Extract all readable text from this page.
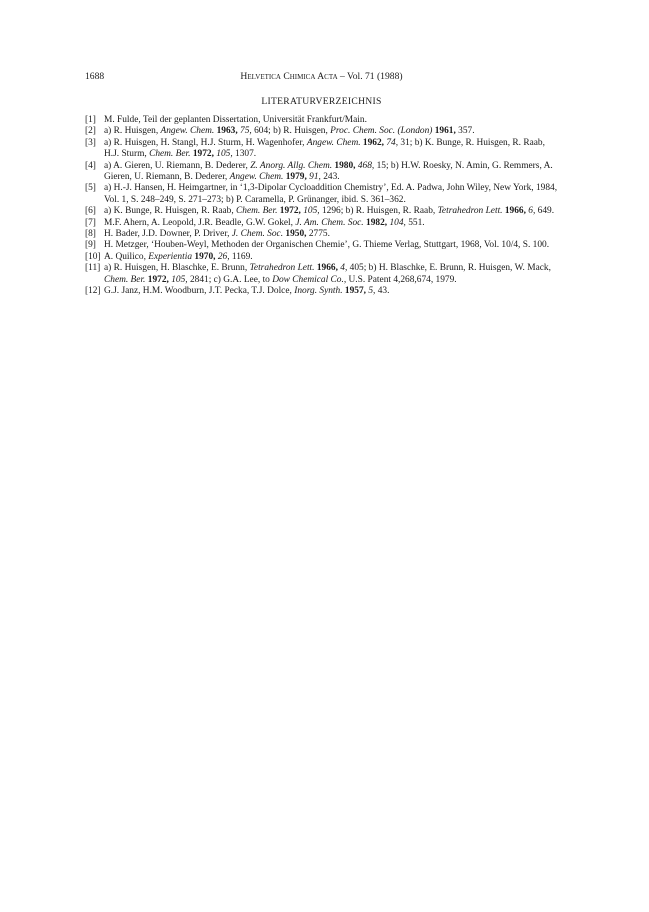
1688	Helvetica Chimica Acta – Vol. 71 (1988)
LITERATURVERZEICHNIS
[1] M. Fulde, Teil der geplanten Dissertation, Universität Frankfurt/Main.
[2] a) R. Huisgen, Angew. Chem. 1963, 75, 604; b) R. Huisgen, Proc. Chem. Soc. (London) 1961, 357.
[3] a) R. Huisgen, H. Stangl, H.J. Sturm, H. Wagenhofer, Angew. Chem. 1962, 74, 31; b) K. Bunge, R. Huisgen, R. Raab, H.J. Sturm, Chem. Ber. 1972, 105, 1307.
[4] a) A. Gieren, U. Riemann, B. Dederer, Z. Anorg. Allg. Chem. 1980, 468, 15; b) H.W. Roesky, N. Amin, G. Remmers, A. Gieren, U. Riemann, B. Dederer, Angew. Chem. 1979, 91, 243.
[5] a) H.-J. Hansen, H. Heimgartner, in ‘1,3-Dipolar Cycloaddition Chemistry’, Ed. A. Padwa, John Wiley, New York, 1984, Vol. 1, S. 248–249, S. 271–273; b) P. Caramella, P. Grünanger, ibid. S. 361–362.
[6] a) K. Bunge, R. Huisgen, R. Raab, Chem. Ber. 1972, 105, 1296; b) R. Huisgen, R. Raab, Tetrahedron Lett. 1966, 6, 649.
[7] M.F. Ahern, A. Leopold, J.R. Beadle, G.W. Gokel, J. Am. Chem. Soc. 1982, 104, 551.
[8] H. Bader, J.D. Downer, P. Driver, J. Chem. Soc. 1950, 2775.
[9] H. Metzger, ‘Houben-Weyl, Methoden der Organischen Chemie’, G. Thieme Verlag, Stuttgart, 1968, Vol. 10/4, S. 100.
[10] A. Quilico, Experientia 1970, 26, 1169.
[11] a) R. Huisgen, H. Blaschke, E. Brunn, Tetrahedron Lett. 1966, 4, 405; b) H. Blaschke, E. Brunn, R. Huisgen, W. Mack, Chem. Ber. 1972, 105, 2841; c) G.A. Lee, to Dow Chemical Co., U.S. Patent 4,268,674, 1979.
[12] G.J. Janz, H.M. Woodburn, J.T. Pecka, T.J. Dolce, Inorg. Synth. 1957, 5, 43.
